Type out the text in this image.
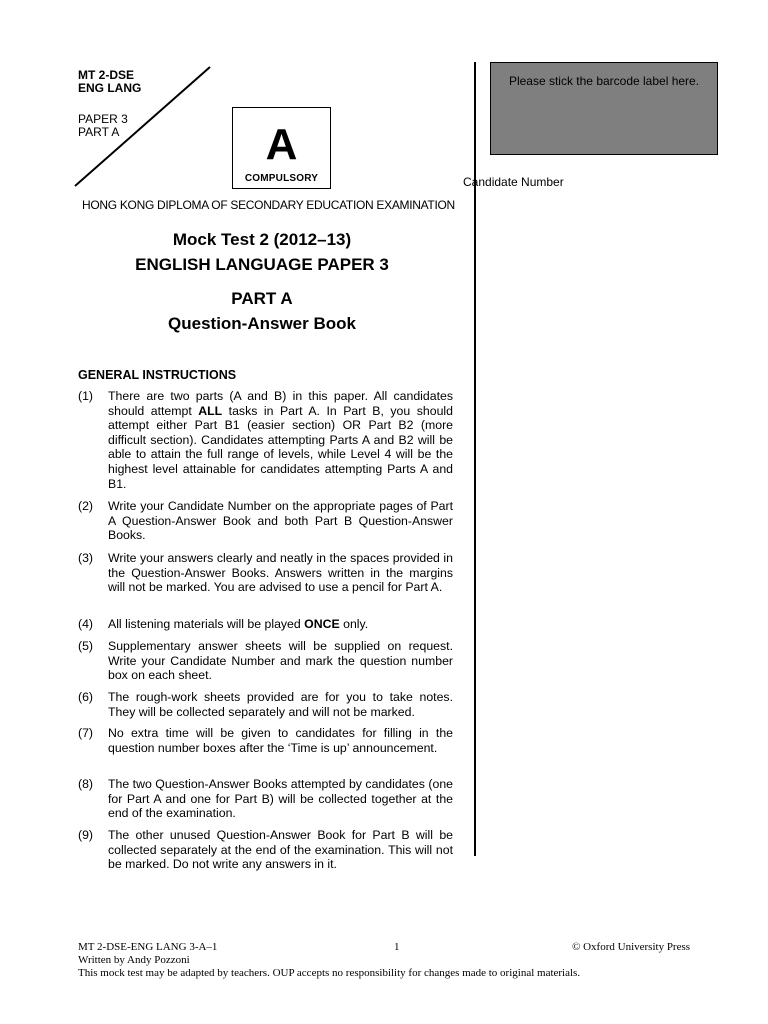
MT 2-DSE
ENG LANG
PAPER 3
PART A	A
COMPULSORY
Please stick the barcode label here.
Candidate Number
HONG KONG DIPLOMA OF SECONDARY EDUCATION EXAMINATION
Mock Test 2 (2012–13)
ENGLISH LANGUAGE PAPER 3
PART A
Question-Answer Book
GENERAL INSTRUCTIONS
(1) There are two parts (A and B) in this paper. All candidates should attempt ALL tasks in Part A. In Part B, you should attempt either Part B1 (easier section) OR Part B2 (more difficult section). Candidates attempting Parts A and B2 will be able to attain the full range of levels, while Level 4 will be the highest level attainable for candidates attempting Parts A and B1.
(2) Write your Candidate Number on the appropriate pages of Part A Question-Answer Book and both Part B Question-Answer Books.
(3) Write your answers clearly and neatly in the spaces provided in the Question-Answer Books. Answers written in the margins will not be marked. You are advised to use a pencil for Part A.
(4) All listening materials will be played ONCE only.
(5) Supplementary answer sheets will be supplied on request. Write your Candidate Number and mark the question number box on each sheet.
(6) The rough-work sheets provided are for you to take notes. They will be collected separately and will not be marked.
(7) No extra time will be given to candidates for filling in the question number boxes after the ‘Time is up’ announcement.
(8) The two Question-Answer Books attempted by candidates (one for Part A and one for Part B) will be collected together at the end of the examination.
(9) The other unused Question-Answer Book for Part B will be collected separately at the end of the examination. This will not be marked. Do not write any answers in it.
MT 2-DSE-ENG LANG 3-A–1	1	© Oxford University Press
Written by Andy Pozzoni
This mock test may be adapted by teachers. OUP accepts no responsibility for changes made to original materials.
